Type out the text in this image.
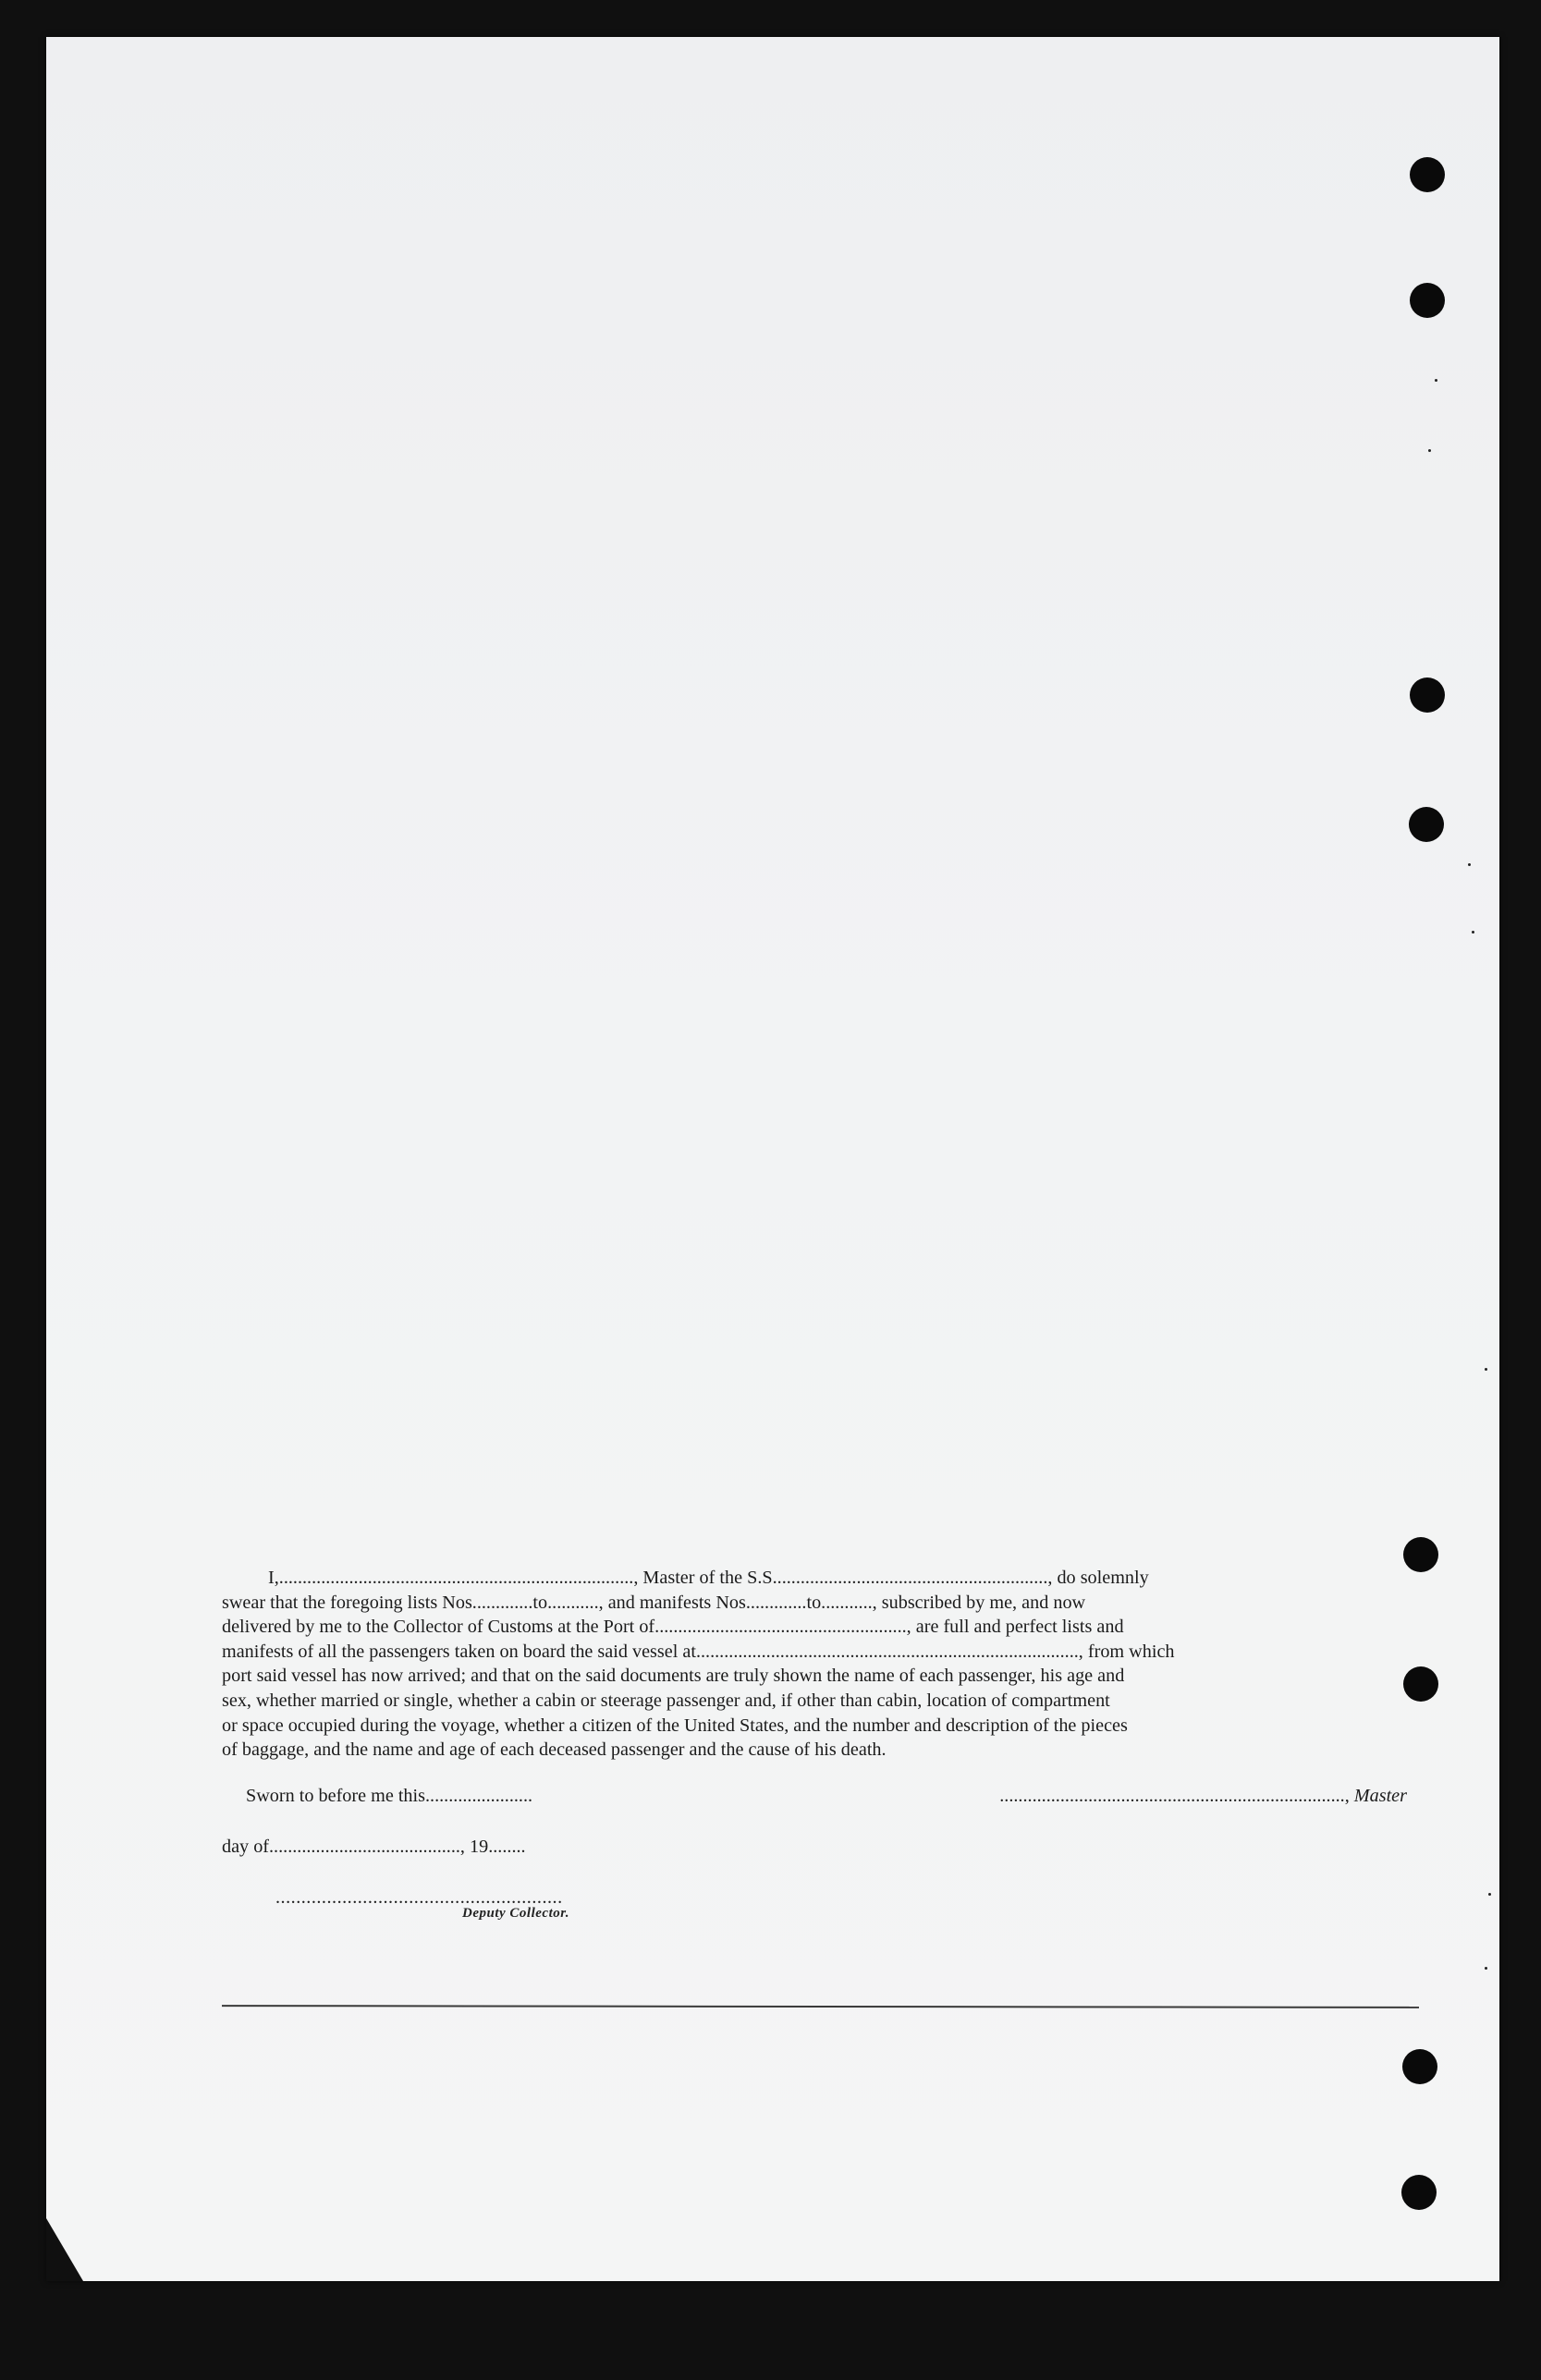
I,............................................................................, Master of the S.S..........................................................., do solemnly
swear that the foregoing lists Nos.............to..........., and manifests Nos.............to..........., subscribed by me, and now
delivered by me to the Collector of Customs at the Port of......................................................, are full and perfect lists and
manifests of all the passengers taken on board the said vessel at.................................................................................., from which
port said vessel has now arrived; and that on the said documents are truly shown the name of each passenger, his age and
sex, whether married or single, whether a cabin or steerage passenger and, if other than cabin, location of compartment
or space occupied during the voyage, whether a citizen of the United States, and the number and description of the pieces
of baggage, and the name and age of each deceased passenger and the cause of his death.
Sworn to before me this.......................	.........................................................................., Master
day of........................................., 19........
........................................................
Deputy Collector.
